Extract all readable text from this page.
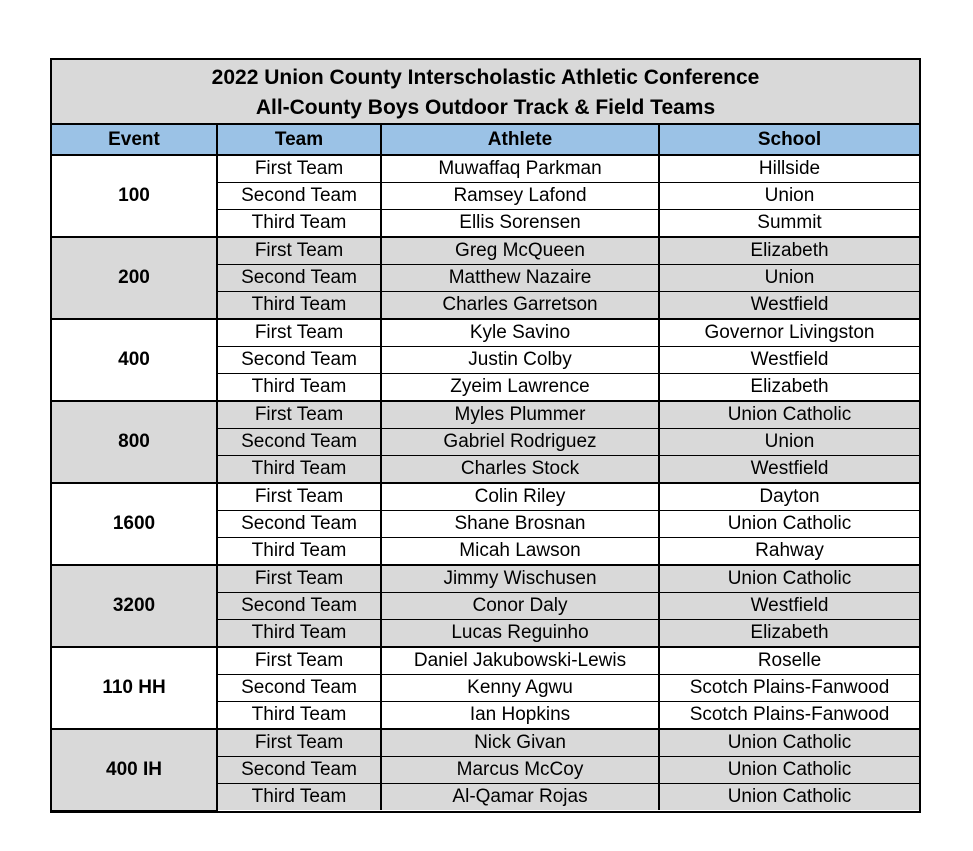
2022 Union County Interscholastic Athletic Conference
All-County Boys Outdoor Track & Field Teams
Event	Team	Athlete	School
100	First Team	Muwaffaq Parkman	Hillside
	Second Team	Ramsey Lafond	Union
	Third Team	Ellis Sorensen	Summit
200	First Team	Greg McQueen	Elizabeth
	Second Team	Matthew Nazaire	Union
	Third Team	Charles Garretson	Westfield
400	First Team	Kyle Savino	Governor Livingston
	Second Team	Justin Colby	Westfield
	Third Team	Zyeim Lawrence	Elizabeth
800	First Team	Myles Plummer	Union Catholic
	Second Team	Gabriel Rodriguez	Union
	Third Team	Charles Stock	Westfield
1600	First Team	Colin Riley	Dayton
	Second Team	Shane Brosnan	Union Catholic
	Third Team	Micah Lawson	Rahway
3200	First Team	Jimmy Wischusen	Union Catholic
	Second Team	Conor Daly	Westfield
	Third Team	Lucas Reguinho	Elizabeth
110 HH	First Team	Daniel Jakubowski-Lewis	Roselle
	Second Team	Kenny Agwu	Scotch Plains-Fanwood
	Third Team	Ian Hopkins	Scotch Plains-Fanwood
400 IH	First Team	Nick Givan	Union Catholic
	Second Team	Marcus McCoy	Union Catholic
	Third Team	Al-Qamar Rojas	Union Catholic
